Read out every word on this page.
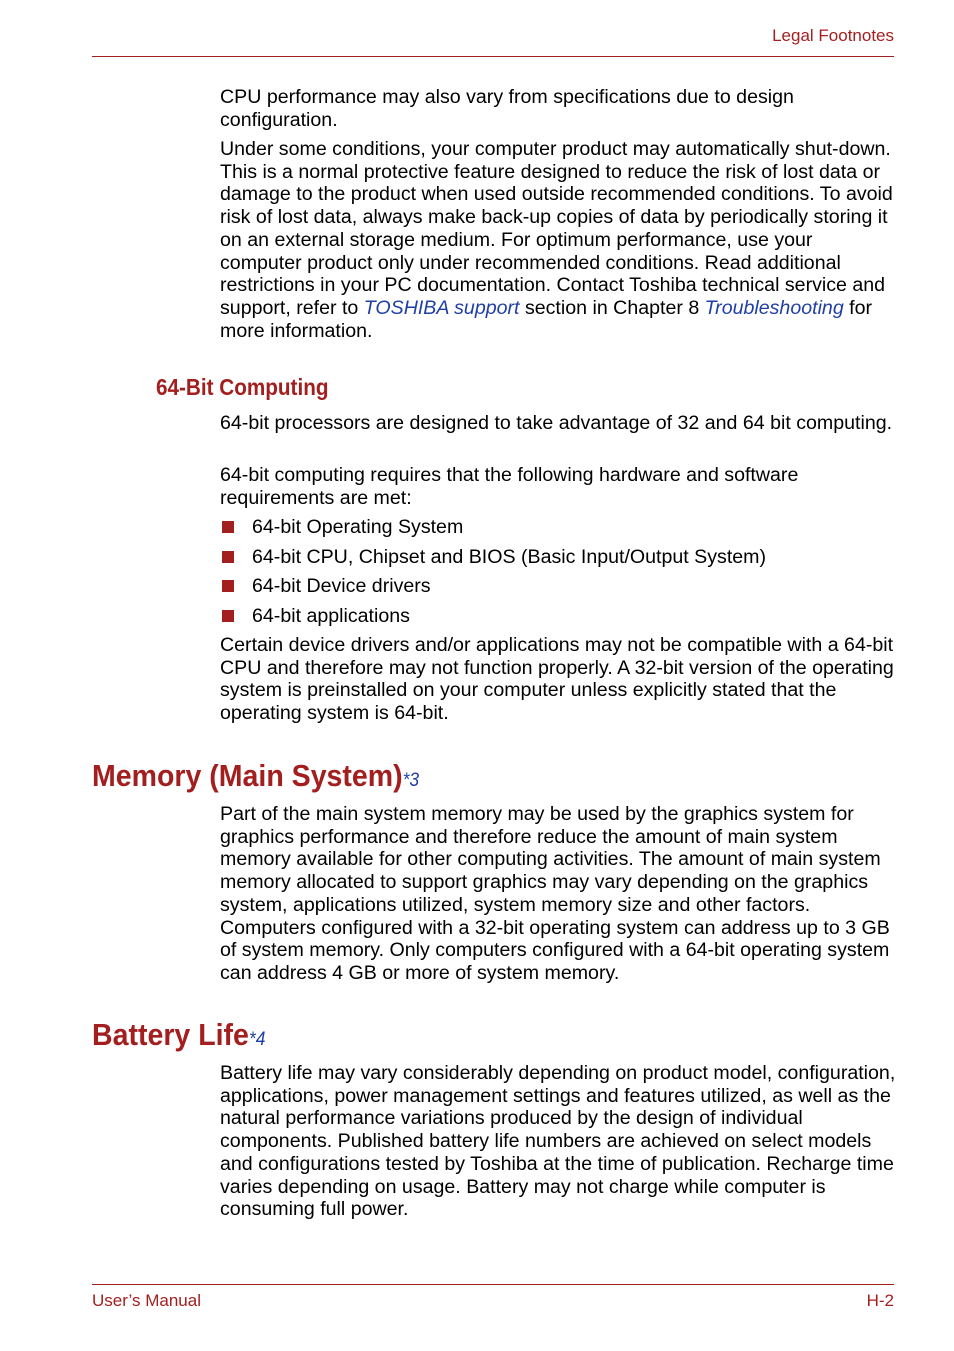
Legal Footnotes

CPU performance may also vary from specifications due to design configuration.

Under some conditions, your computer product may automatically shut-down. This is a normal protective feature designed to reduce the risk of lost data or damage to the product when used outside recommended conditions. To avoid risk of lost data, always make back-up copies of data by periodically storing it on an external storage medium. For optimum performance, use your computer product only under recommended conditions. Read additional restrictions in your PC documentation. Contact Toshiba technical service and support, refer to TOSHIBA support section in Chapter 8 Troubleshooting for more information.

64-Bit Computing

64-bit processors are designed to take advantage of 32 and 64 bit computing.

64-bit computing requires that the following hardware and software requirements are met:

64-bit Operating System
64-bit CPU, Chipset and BIOS (Basic Input/Output System)
64-bit Device drivers
64-bit applications

Certain device drivers and/or applications may not be compatible with a 64-bit CPU and therefore may not function properly. A 32-bit version of the operating system is preinstalled on your computer unless explicitly stated that the operating system is 64-bit.

Memory (Main System)*3

Part of the main system memory may be used by the graphics system for graphics performance and therefore reduce the amount of main system memory available for other computing activities. The amount of main system memory allocated to support graphics may vary depending on the graphics system, applications utilized, system memory size and other factors. Computers configured with a 32-bit operating system can address up to 3 GB of system memory. Only computers configured with a 64-bit operating system can address 4 GB or more of system memory.

Battery Life*4

Battery life may vary considerably depending on product model, configuration, applications, power management settings and features utilized, as well as the natural performance variations produced by the design of individual components. Published battery life numbers are achieved on select models and configurations tested by Toshiba at the time of publication. Recharge time varies depending on usage. Battery may not charge while computer is consuming full power.

User’s Manual	H-2
